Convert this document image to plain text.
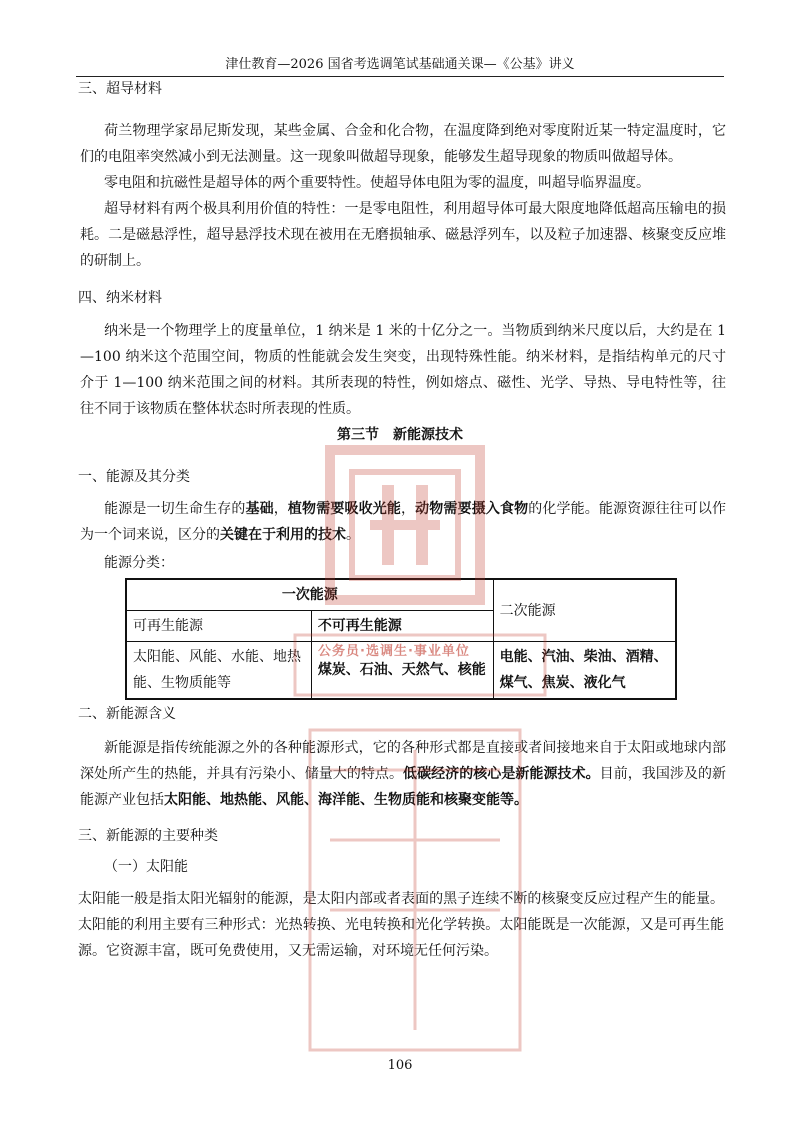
津仕教育—2026 国省考选调笔试基础通关课—《公基》讲义
三、超导材料
荷兰物理学家昂尼斯发现，某些金属、合金和化合物，在温度降到绝对零度附近某一特定温度时，它们的电阻率突然减小到无法测量。这一现象叫做超导现象，能够发生超导现象的物质叫做超导体。
零电阻和抗磁性是超导体的两个重要特性。使超导体电阻为零的温度，叫超导临界温度。
超导材料有两个极具利用价值的特性：一是零电阻性，利用超导体可最大限度地降低超高压输电的损耗。二是磁悬浮性，超导悬浮技术现在被用在无磨损轴承、磁悬浮列车，以及粒子加速器、核聚变反应堆的研制上。
四、纳米材料
纳米是一个物理学上的度量单位，1 纳米是 1 米的十亿分之一。当物质到纳米尺度以后，大约是在 1—100 纳米这个范围空间，物质的性能就会发生突变，出现特殊性能。纳米材料，是指结构单元的尺寸介于 1—100 纳米范围之间的材料。其所表现的特性，例如熔点、磁性、光学、导热、导电特性等，往往不同于该物质在整体状态时所表现的性质。
第三节　新能源技术
一、能源及其分类
能源是一切生命生存的基础，植物需要吸收光能，动物需要摄入食物的化学能。能源资源往往可以作为一个词来说，区分的关键在于利用的技术。
能源分类：
一次能源		二次能源
可再生能源	不可再生能源	
太阳能、风能、水能、地热能、生物质能等	煤炭、石油、天然气、核能	电能、汽油、柴油、酒精、煤气、焦炭、液化气
二、新能源含义
新能源是指传统能源之外的各种能源形式，它的各种形式都是直接或者间接地来自于太阳或地球内部深处所产生的热能，并具有污染小、储量大的特点。低碳经济的核心是新能源技术。目前，我国涉及的新能源产业包括太阳能、地热能、风能、海洋能、生物质能和核聚变能等。
三、新能源的主要种类
（一）太阳能
太阳能一般是指太阳光辐射的能源，是太阳内部或者表面的黑子连续不断的核聚变反应过程产生的能量。太阳能的利用主要有三种形式：光热转换、光电转换和光化学转换。太阳能既是一次能源，又是可再生能源。它资源丰富，既可免费使用，又无需运输，对环境无任何污染。
公务员·选调生·事业单位
106
